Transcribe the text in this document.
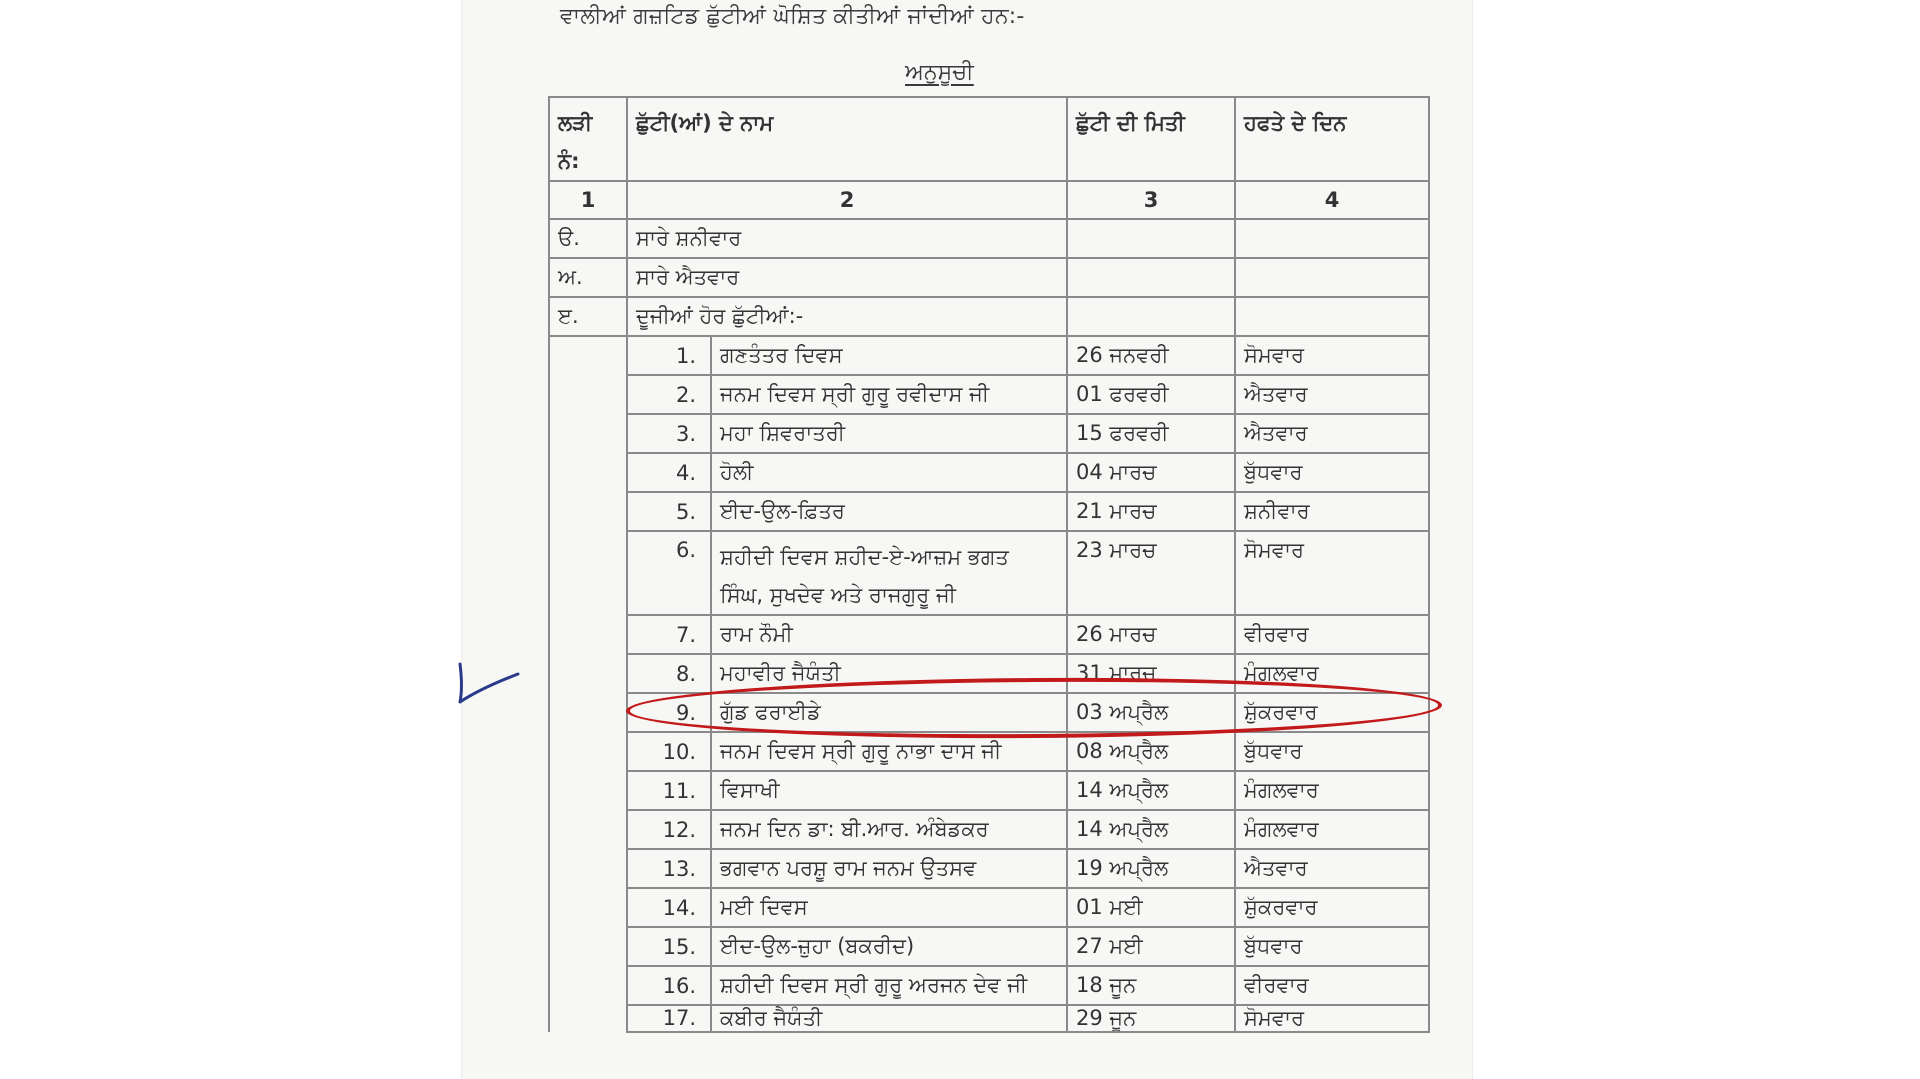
ਵਾਲੀਆਂ ਗਜ਼ਟਿਡ ਛੁੱਟੀਆਂ ਘੋਸ਼ਿਤ ਕੀਤੀਆਂ ਜਾਂਦੀਆਂ ਹਨ:-
ਅਨੁਸੂਚੀ
ਲੜੀ ਨੰ:	ਛੁੱਟੀ(ਆਂ) ਦੇ ਨਾਮ		ਛੁੱਟੀ ਦੀ ਮਿਤੀ	ਹਫਤੇ ਦੇ ਦਿਨ
1	2		3	4
ੳ.	ਸਾਰੇ ਸ਼ਨੀਵਾਰ			
ਅ.	ਸਾਰੇ ਐਤਵਾਰ			
ੲ.	ਦੂਜੀਆਂ ਹੋਰ ਛੁੱਟੀਆਂ:-			
	1.	ਗਣਤੰਤਰ ਦਿਵਸ	26 ਜਨਵਰੀ	ਸੋਮਵਾਰ
	2.	ਜਨਮ ਦਿਵਸ ਸ੍ਰੀ ਗੁਰੂ ਰਵੀਦਾਸ ਜੀ	01 ਫਰਵਰੀ	ਐਤਵਾਰ
	3.	ਮਹਾ ਸ਼ਿਵਰਾਤਰੀ	15 ਫਰਵਰੀ	ਐਤਵਾਰ
	4.	ਹੋਲੀ	04 ਮਾਰਚ	ਬੁੱਧਵਾਰ
	5.	ਈਦ-ਉਲ-ਫ਼ਿਤਰ	21 ਮਾਰਚ	ਸ਼ਨੀਵਾਰ
	6.	ਸ਼ਹੀਦੀ ਦਿਵਸ ਸ਼ਹੀਦ-ਏ-ਆਜ਼ਮ ਭਗਤ ਸਿੰਘ, ਸੁਖਦੇਵ ਅਤੇ ਰਾਜਗੁਰੂ ਜੀ	23 ਮਾਰਚ	ਸੋਮਵਾਰ
	7.	ਰਾਮ ਨੌਮੀ	26 ਮਾਰਚ	ਵੀਰਵਾਰ
	8.	ਮਹਾਵੀਰ ਜੈਯੰਤੀ	31 ਮਾਰਚ	ਮੰਗਲਵਾਰ
	9.	ਗੁੱਡ ਫਰਾਈਡੇ	03 ਅਪ੍ਰੈਲ	ਸ਼ੁੱਕਰਵਾਰ
	10.	ਜਨਮ ਦਿਵਸ ਸ੍ਰੀ ਗੁਰੂ ਨਾਭਾ ਦਾਸ ਜੀ	08 ਅਪ੍ਰੈਲ	ਬੁੱਧਵਾਰ
	11.	ਵਿਸਾਖੀ	14 ਅਪ੍ਰੈਲ	ਮੰਗਲਵਾਰ
	12.	ਜਨਮ ਦਿਨ ਡਾ: ਬੀ.ਆਰ. ਅੰਬੇਡਕਰ	14 ਅਪ੍ਰੈਲ	ਮੰਗਲਵਾਰ
	13.	ਭਗਵਾਨ ਪਰਸ਼ੂ ਰਾਮ ਜਨਮ ਉਤਸਵ	19 ਅਪ੍ਰੈਲ	ਐਤਵਾਰ
	14.	ਮਈ ਦਿਵਸ	01 ਮਈ	ਸ਼ੁੱਕਰਵਾਰ
	15.	ਈਦ-ਉਲ-ਜ਼ੁਹਾ (ਬਕਰੀਦ)	27 ਮਈ	ਬੁੱਧਵਾਰ
	16.	ਸ਼ਹੀਦੀ ਦਿਵਸ ਸ੍ਰੀ ਗੁਰੂ ਅਰਜਨ ਦੇਵ ਜੀ	18 ਜੂਨ	ਵੀਰਵਾਰ
	17.	ਕਬੀਰ ਜੈਯੰਤੀ	29 ਜੂਨ	ਸੋਮਵਾਰ
